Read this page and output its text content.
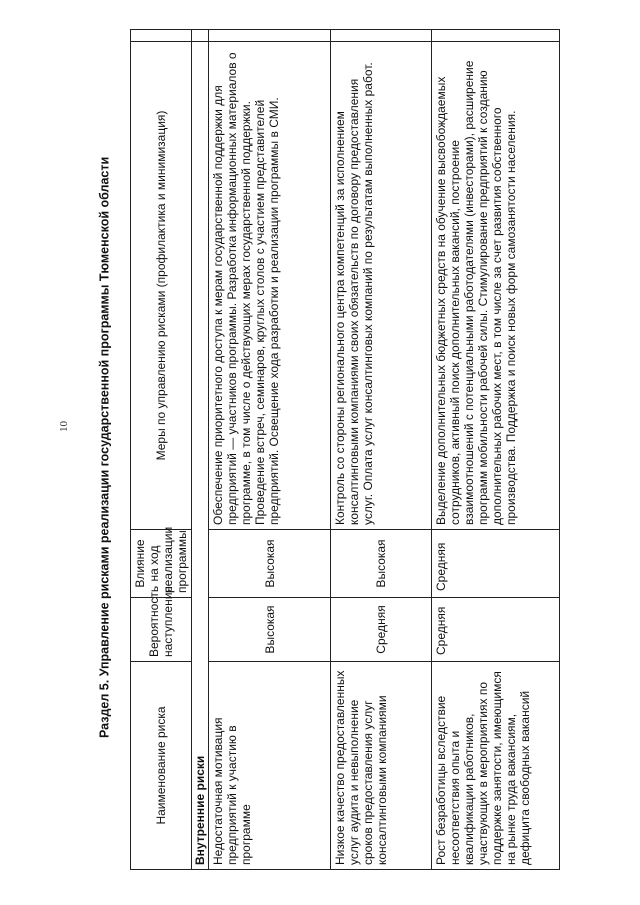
10	Раздел 5. Управление рисками реализации государственной программы Тюменской области
Наименование риска	Вероятность наступления	Влияние на ход реализации программы	Меры по управлению рисками (профилактика и минимизация)	
Внутренние риски				
Недостаточная мотивация предприятий к участию в программе	Высокая	Высокая	Обеспечение приоритетного доступа к мерам государственной поддержки для предприятий — участников программы. Разработка информационных материалов о программе, в том числе о действующих мерах государственной поддержки. Проведение встреч, семинаров, круглых столов с участием представителей предприятий. Освещение хода разработки и реализации программы в СМИ.	
Низкое качество предоставленных услуг аудита и невыполнение сроков предоставления услуг консалтинговыми компаниями	Средняя	Высокая	Контроль со стороны регионального центра компетенций за исполнением консалтинговыми компаниями своих обязательств по договору предоставления услуг. Оплата услуг консалтинговых компаний по результатам выполненных работ.	
Рост безработицы вследствие несоответствия опыта и квалификации работников, участвующих в мероприятиях по поддержке занятости, имеющимся на рынке труда вакансиям, дефицита свободных вакансий	Средняя	Средняя	Выделение дополнительных бюджетных средств на обучение высвобождаемых сотрудников, активный поиск дополнительных вакансий, построение взаимоотношений с потенциальными работодателями (инвесторами), расширение программ мобильности рабочей силы. Стимулирование предприятий к созданию дополнительных рабочих мест, в том числе за счет развития собственного производства. Поддержка и поиск новых форм самозанятости населения.	
